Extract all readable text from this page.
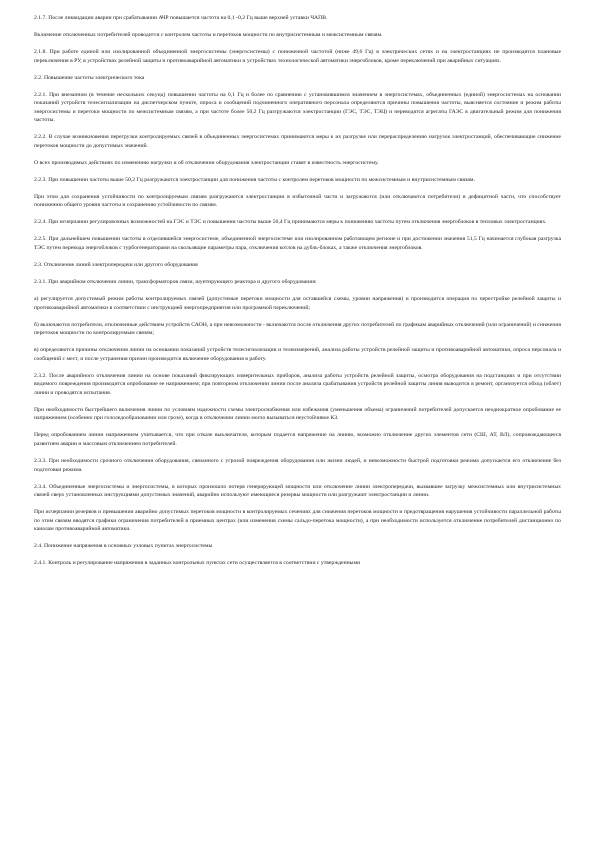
2.1.7. После ликвидации аварии при срабатывании АЧР повышается частота на 0,1 -0,2 Гц выше верхней уставки ЧАПВ.

Включение отключенных потребителей проводится с контролем частоты и перетоков мощности по внутрисистемным и межсистемным связям.

2.1.8. При работе единой или изолированной объединенной энергосистемы (энергосистемы) с пониженной частотой (ниже 49,6 Гц) в электрических сетях и на электростанциях не производятся плановые переключения в РУ, в устройствах релейной защиты и противоаварийной автоматики и устройствах технологической автоматики энергоблоков, кроме переключений при аварийных ситуациях.

2.2. Повышение частоты электрического тока

2.2.1. При внезапном (в течение нескольких секунд) повышении частоты на 0,1 Гц и более по сравнению с установившимся значением в энергосистемах, объединенных (единой) энергосистемах на основании показаний устройств телесигнализации на диспетчерском пункте, опроса и сообщений подчиненного оперативного персонала определяются причины повышения частоты, выясняется состояние и режим работы энергосистемы и перетоки мощности по межсистемным связям, а при частоте более 50,2 Гц разгружаются электростанции (ГЭС, ТЭС, ТЭЦ) и переводятся агрегаты ГАЭС в двигательный режим для понижения частоты.

2.2.2. В случае возникновения перегрузки контролируемых связей в объединенных энергосистемах принимаются меры к их разгрузке или перераспределению нагрузок электростанций, обеспечивающие снижение перетоков мощности до допустимых значений.

О всех производимых действиях по изменению нагрузки и об отключении оборудования электростанции ставят в известность энергосистему.

2.2.3. При повышении частоты выше 50,2 Гц разгружаются электростанции для понижения частоты с контролем перетоков мощности по межсистемным и внутрисистемным связям.

При этом для сохранения устойчивости по контролируемым связям разгружаются электростанции в избыточной части и загружаются (или отключаются потребители) в дефицитной части, что способствует понижению общего уровня частоты и сохранению устойчивости по связям.

2.2.4. При исчерпании регулировочных возможностей на ГЭС и ТЭС и повышении частоты выше 50,4 Гц принимаются меры к понижению частоты путем отключения энергоблоков в тепловых электростанциях.

2.2.5. При дальнейшем повышении частоты в отделившейся энергосистеме, объединенной энергосистеме или изолированном работающем регионе и при достижении значения 51,5 Гц начинается глубокая разгрузка ТЭС путем перевода энергоблоков с турбогенераторами на скользящие параметры пара, отключения котлов на дубль-блоках, а также отключения энергоблоков.

2.3. Отключение линий электропередачи или другого оборудования

2.3.1. При аварийном отключении линии, трансформаторов связи, шунтирующего реактора и другого оборудования:

а) регулируется допустимый режим работы контролируемых связей (допустимые перетоки мощности для оставшейся схемы, уровни напряжения) и производится операция по перестройке релейной защиты и противоаварийной автоматики в соответствии с инструкцией энергопредприятия или программой переключений;

б) включаются потребители, отключенные действием устройств САОН, а при невозможности - включаются после отключения других потребителей по графикам аварийных отключений (или ограничений) и снижения перетоков мощности по контролируемым связям;

в) определяются причины отключения линии на основании показаний устройств телесигнализации и телеизмерений, анализа работы устройств релейной защиты и противоаварийной автоматики, опроса персонала и сообщений с мест, и после устранения причин производится включение оборудования в работу.

2.3.2. После аварийного отключения линии на основе показаний фиксирующих измерительных приборов, анализа работы устройств релейной защиты, осмотра оборудования на подстанциях и при отсутствии видимого повреждения производится опробование ее напряжением; при повторном отключении линии после анализа срабатывания устройств релейной защиты линия выводится в ремонт, организуется обход (облет) линии и проводятся испытания.

При необходимости быстрейшего включения линии по условиям надежности схемы электроснабжения или избежания (уменьшения объема) ограничений потребителей допускается неоднократное опробование ее напряжением (особенно при гололедообразовании или грозе), когда в отключении линии могло вызываться неустойчивое КЗ.

Перед опробованием линии напряжением учитывается, что при отказе выключателя, которым подается напряжение на линию, возможно отключение других элементов сети (СШ, АТ, ВЛ), сопровождающееся развитием аварии и массовым отключением потребителей.

2.3.3. При необходимости срочного отключения оборудования, связанного с угрозой повреждения оборудования или жизни людей, и невозможности быстрой подготовки режима допускается его отключение без подготовки режима.

2.3.4. Объединенные энергосистемы и энергосистемы, в которых произошло потеря генерирующей мощности или отключение линии электропередачи, вызвавшее загрузку межсистемных или внутрисистемных связей сверх установленных инструкциями допустимых значений, аварийно используют имеющиеся резервы мощности или разгружают электростанции и линии.

При исчерпании резервов и превышении аварийно допустимых перетоков мощности в контролируемых сечениях для снижения перетоков мощности и предотвращения нарушения устойчивости параллельной работы по этим связям вводятся графики ограничения потребителей в приемных центрах (или изменения схемы сальдо-перетока мощности), а при необходимости используется отключение потребителей дистанционно по каналам противоаварийной автоматики.

2.4. Понижение напряжения в основных узловых пунктах энергосистемы

2.4.1. Контроль и регулирование напряжения в заданных контрольных пунктах сети осуществляется в соответствии с утвержденными
